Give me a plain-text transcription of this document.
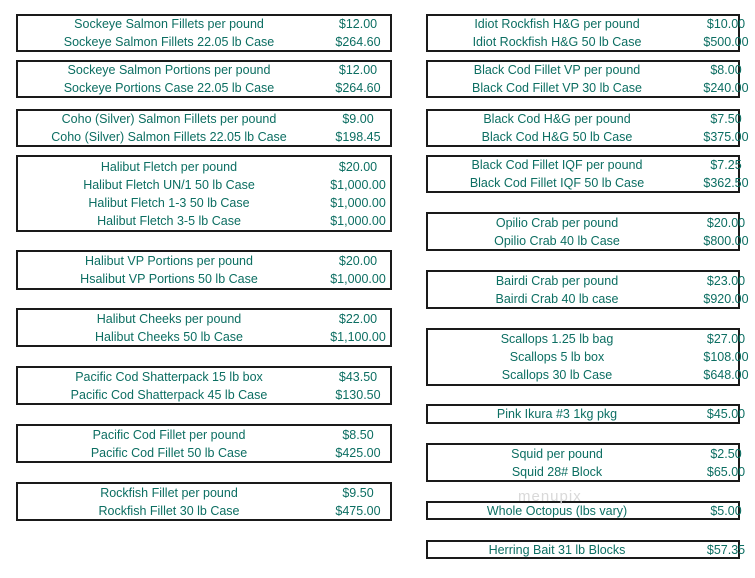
Sockeye Salmon Fillets per pound	$12.00
Sockeye Salmon Fillets 22.05 lb Case	$264.60
Sockeye Salmon Portions per pound	$12.00
Sockeye Portions Case 22.05 lb Case	$264.60
Coho (Silver) Salmon Fillets per pound	$9.00
Coho (Silver) Salmon Fillets 22.05 lb Case	$198.45
Halibut Fletch per pound	$20.00
Halibut Fletch UN/1 50 lb Case	$1,000.00
Halibut Fletch 1-3 50 lb Case	$1,000.00
Halibut Fletch 3-5 lb Case	$1,000.00
Halibut VP Portions per pound	$20.00
Hsalibut VP Portions 50 lb Case	$1,000.00
Halibut Cheeks per pound	$22.00
Halibut Cheeks 50 lb Case	$1,100.00
Pacific Cod Shatterpack 15 lb box	$43.50
Pacific Cod Shatterpack 45 lb Case	$130.50
Pacific Cod Fillet per pound	$8.50
Pacific Cod Fillet 50 lb Case	$425.00
Rockfish Fillet per pound	$9.50
Rockfish Fillet 30 lb Case	$475.00
Idiot Rockfish H&G per pound	$10.00
Idiot Rockfish H&G 50 lb Case	$500.00
Black Cod Fillet VP per pound	$8.00
Black Cod Fillet VP 30 lb Case	$240.00
Black Cod H&G per pound	$7.50
Black Cod H&G 50 lb Case	$375.00
Black Cod Fillet IQF per pound	$7.25
Black Cod Fillet IQF 50 lb Case	$362.50
Opilio Crab per pound	$20.00
Opilio Crab 40 lb Case	$800.00
Bairdi Crab per pound	$23.00
Bairdi Crab 40 lb case	$920.00
Scallops 1.25 lb bag	$27.00
Scallops 5 lb box	$108.00
Scallops 30 lb Case	$648.00
Pink Ikura #3 1kg pkg	$45.00
Squid per pound	$2.50
Squid 28# Block	$65.00
Whole Octopus (lbs vary)	$5.00
Herring Bait 31 lb Blocks	$57.35
menupix
